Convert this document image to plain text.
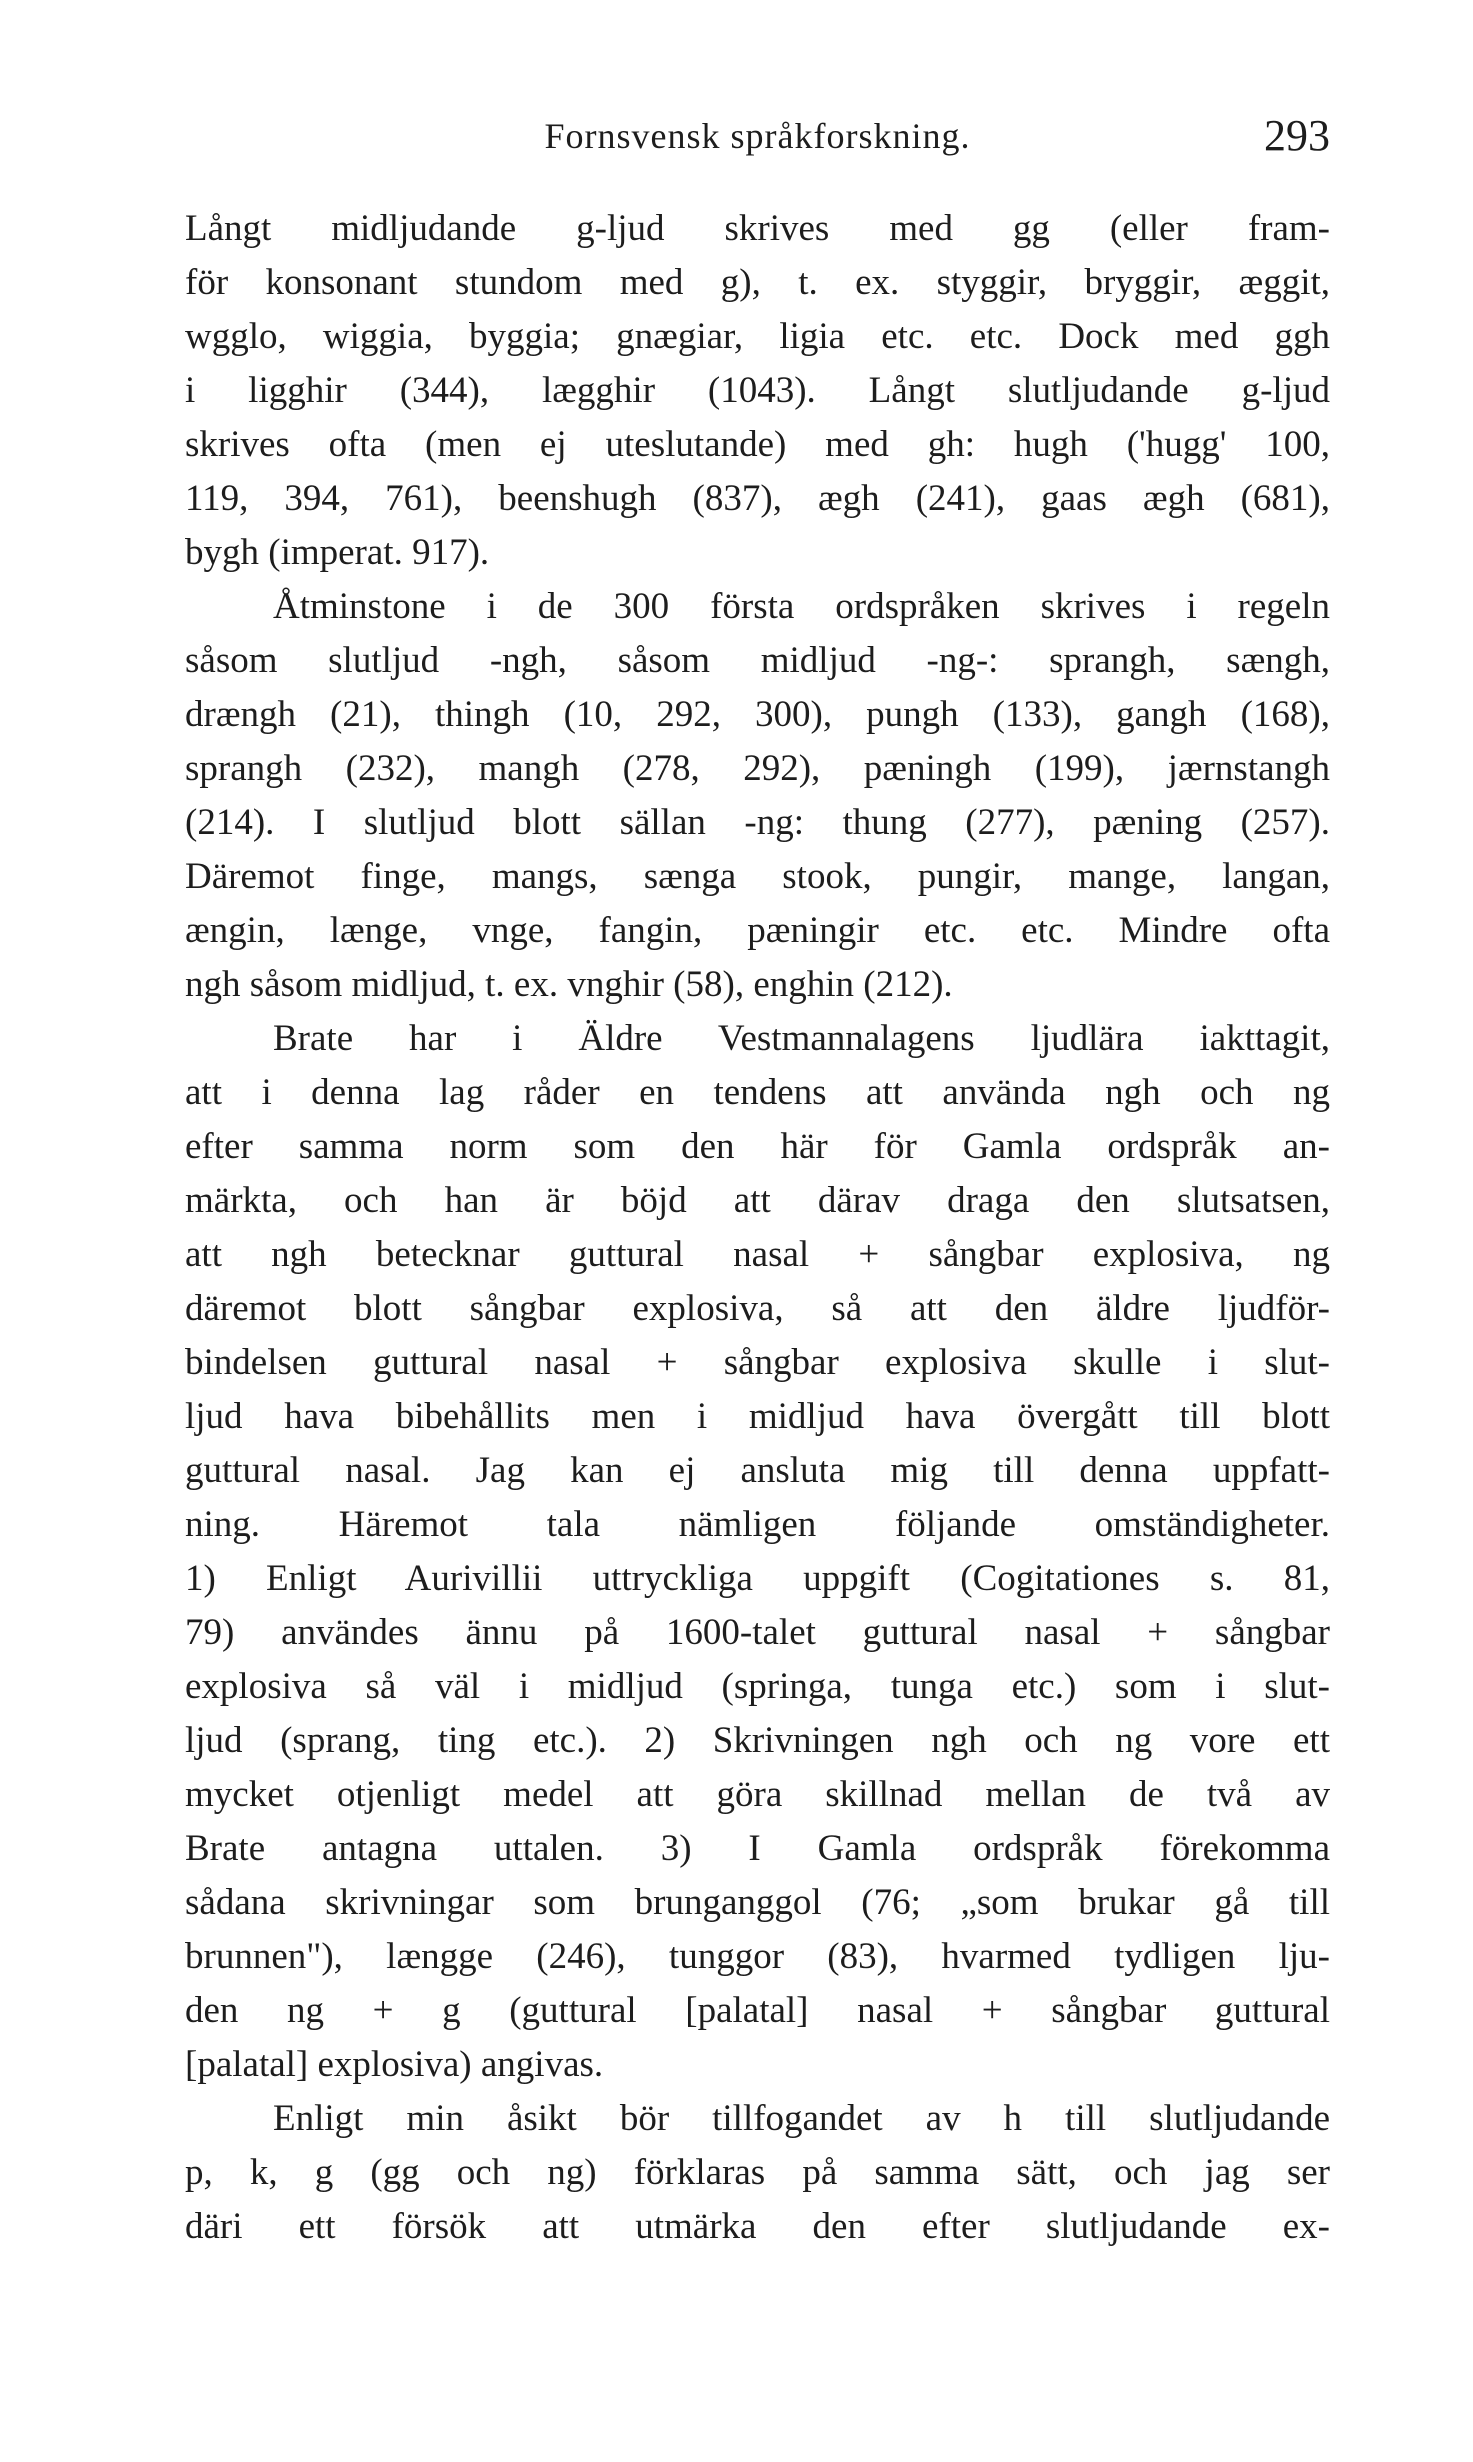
Fornsvensk språkforskning.	293
Långt midljudande g-ljud skrives med gg (eller fram-
för konsonant stundom med g), t. ex. styggir, bryggir, æggit,
wgglo, wiggia, byggia; gnægiar, ligia etc. etc. Dock med ggh
i ligghir (344), lægghir (1043). Långt slutljudande g-ljud
skrives ofta (men ej uteslutande) med gh: hugh ('hugg' 100,
119, 394, 761), beenshugh (837), ægh (241), gaas ægh (681),
bygh (imperat. 917).
Åtminstone i de 300 första ordspråken skrives i regeln
såsom slutljud -ngh, såsom midljud -ng-: sprangh, sængh,
drængh (21), thingh (10, 292, 300), pungh (133), gangh (168),
sprangh (232), mangh (278, 292), pæningh (199), jærnstangh
(214). I slutljud blott sällan -ng: thung (277), pæning (257).
Däremot finge, mangs, sænga stook, pungir, mange, langan,
ængin, længe, vnge, fangin, pæningir etc. etc. Mindre ofta
ngh såsom midljud, t. ex. vnghir (58), enghin (212).
Brate har i Äldre Vestmannalagens ljudlära iakttagit,
att i denna lag råder en tendens att använda ngh och ng
efter samma norm som den här för Gamla ordspråk an-
märkta, och han är böjd att därav draga den slutsatsen,
att ngh betecknar guttural nasal + sångbar explosiva, ng
däremot blott sångbar explosiva, så att den äldre ljudför-
bindelsen guttural nasal + sångbar explosiva skulle i slut-
ljud hava bibehållits men i midljud hava övergått till blott
guttural nasal. Jag kan ej ansluta mig till denna uppfatt-
ning. Häremot tala nämligen följande omständigheter.
1) Enligt Aurivillii uttryckliga uppgift (Cogitationes s. 81,
79) användes ännu på 1600-talet guttural nasal + sångbar
explosiva så väl i midljud (springa, tunga etc.) som i slut-
ljud (sprang, ting etc.). 2) Skrivningen ngh och ng vore ett
mycket otjenligt medel att göra skillnad mellan de två av
Brate antagna uttalen. 3) I Gamla ordspråk förekomma
sådana skrivningar som brunganggol (76; „som brukar gå till
brunnen"), længge (246), tunggor (83), hvarmed tydligen lju-
den ng + g (guttural [palatal] nasal + sångbar guttural
[palatal] explosiva) angivas.
Enligt min åsikt bör tillfogandet av h till slutljudande
p, k, g (gg och ng) förklaras på samma sätt, och jag ser
däri ett försök att utmärka den efter slutljudande ex-
